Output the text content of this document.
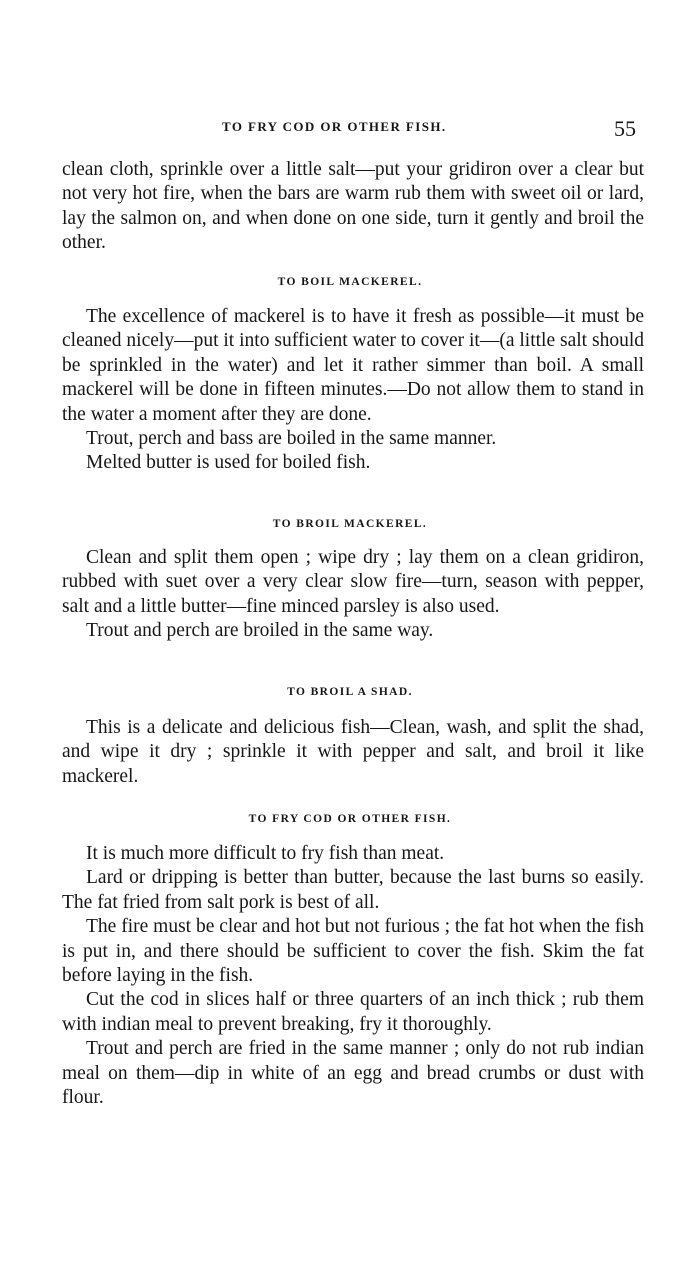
TO FRY COD OR OTHER FISH.	55

clean cloth, sprinkle over a little salt—put your gridiron over a clear but not very hot fire, when the bars are warm rub them with sweet oil or lard, lay the salmon on, and when done on one side, turn it gently and broil the other.

TO BOIL MACKEREL.

The excellence of mackerel is to have it fresh as possible—it must be cleaned nicely—put it into sufficient water to cover it—(a little salt should be sprinkled in the water) and let it rather simmer than boil. A small mackerel will be done in fifteen minutes.—Do not allow them to stand in the water a moment after they are done.

Trout, perch and bass are boiled in the same manner.

Melted butter is used for boiled fish.

TO BROIL MACKEREL.

Clean and split them open ; wipe dry ; lay them on a clean gridiron, rubbed with suet over a very clear slow fire—turn, season with pepper, salt and a little butter—fine minced parsley is also used.

Trout and perch are broiled in the same way.

TO BROIL A SHAD.

This is a delicate and delicious fish—Clean, wash, and split the shad, and wipe it dry ; sprinkle it with pepper and salt, and broil it like mackerel.

TO FRY COD OR OTHER FISH.

It is much more difficult to fry fish than meat.

Lard or dripping is better than butter, because the last burns so easily. The fat fried from salt pork is best of all.

The fire must be clear and hot but not furious ; the fat hot when the fish is put in, and there should be sufficient to cover the fish. Skim the fat before laying in the fish.

Cut the cod in slices half or three quarters of an inch thick ; rub them with indian meal to prevent breaking, fry it thoroughly.

Trout and perch are fried in the same manner ; only do not rub indian meal on them—dip in white of an egg and bread crumbs or dust with flour.
